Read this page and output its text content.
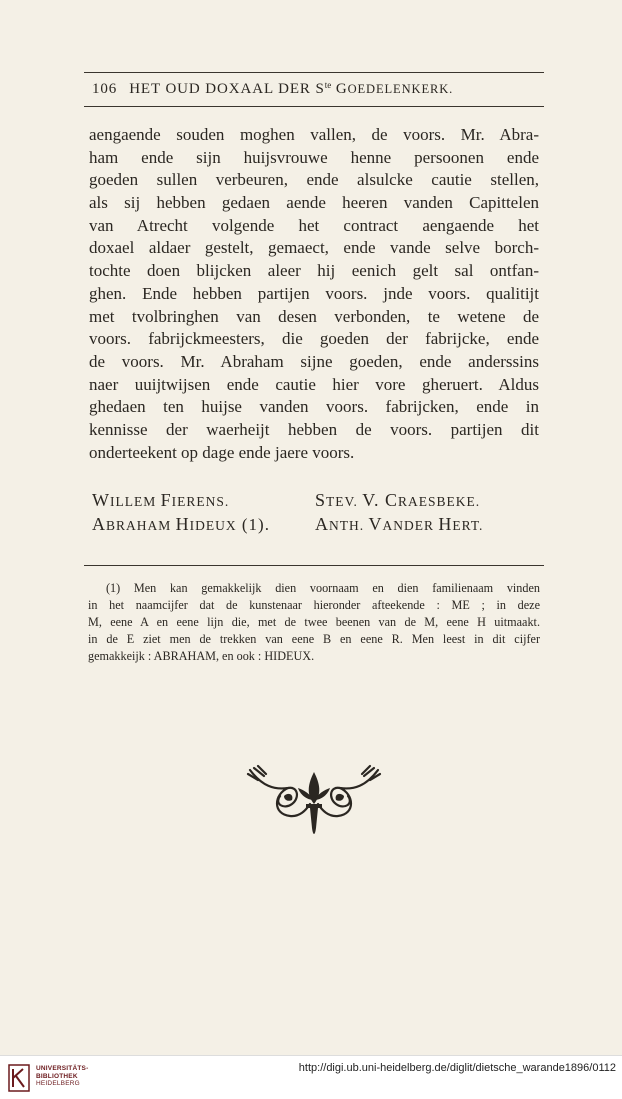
106 HET OUD DOXAAL DER $S^{te}$ GOEDELENKERK.
aengaende souden moghen vallen, de voors. Mr. Abra-
ham ende sijn huijsvrouwe henne persoonen ende
goeden sullen verbeuren, ende alsulcke cautie stellen,
als sij hebben gedaen aende heeren vanden Capittelen
van Atrecht volgende het contract aengaende het
doxael aldaer gestelt, gemaect, ende vande selve borch-
tochte doen blijcken aleer hij eenich gelt sal ontfan-
ghen. Ende hebben partijen voors. jnde voors. qualitijt
met tvolbringhen van desen verbonden, te wetene de
voors. fabrijckmeesters, die goeden der fabrijcke, ende
de voors. Mr. Abraham sijne goeden, ende anderssins
naer uuijtwijsen ende cautie hier vore gheruert. Aldus
ghedaen ten huijse vanden voors. fabrijcken, ende in
kennisse der waerheijt hebben de voors. partijen dit
onderteekent op dage ende jaere voors.
WILLEM FIERENS.	STEV. V. CRAESBEKE.
ABRAHAM HIDEUX (1).	ANTH. VANDER HERT.
(1) Men kan gemakkelijk dien voornaam en dien familienaam vinden
in het naamcijfer dat de kunstenaar hieronder afteekende : ME ; in deze
M, eene A en eene lijn die, met de twee beenen van de M, eene H uitmaakt.
in de E ziet men de trekken van eene B en eene R. Men leest in dit cijfer
gemakkeijk : ABRAHAM, en ook : HIDEUX.
UNIVERSITÄTS-
BIBLIOTHEK
HEIDELBERG
http://digi.ub.uni-heidelberg.de/diglit/dietsche_warande1896/0112
